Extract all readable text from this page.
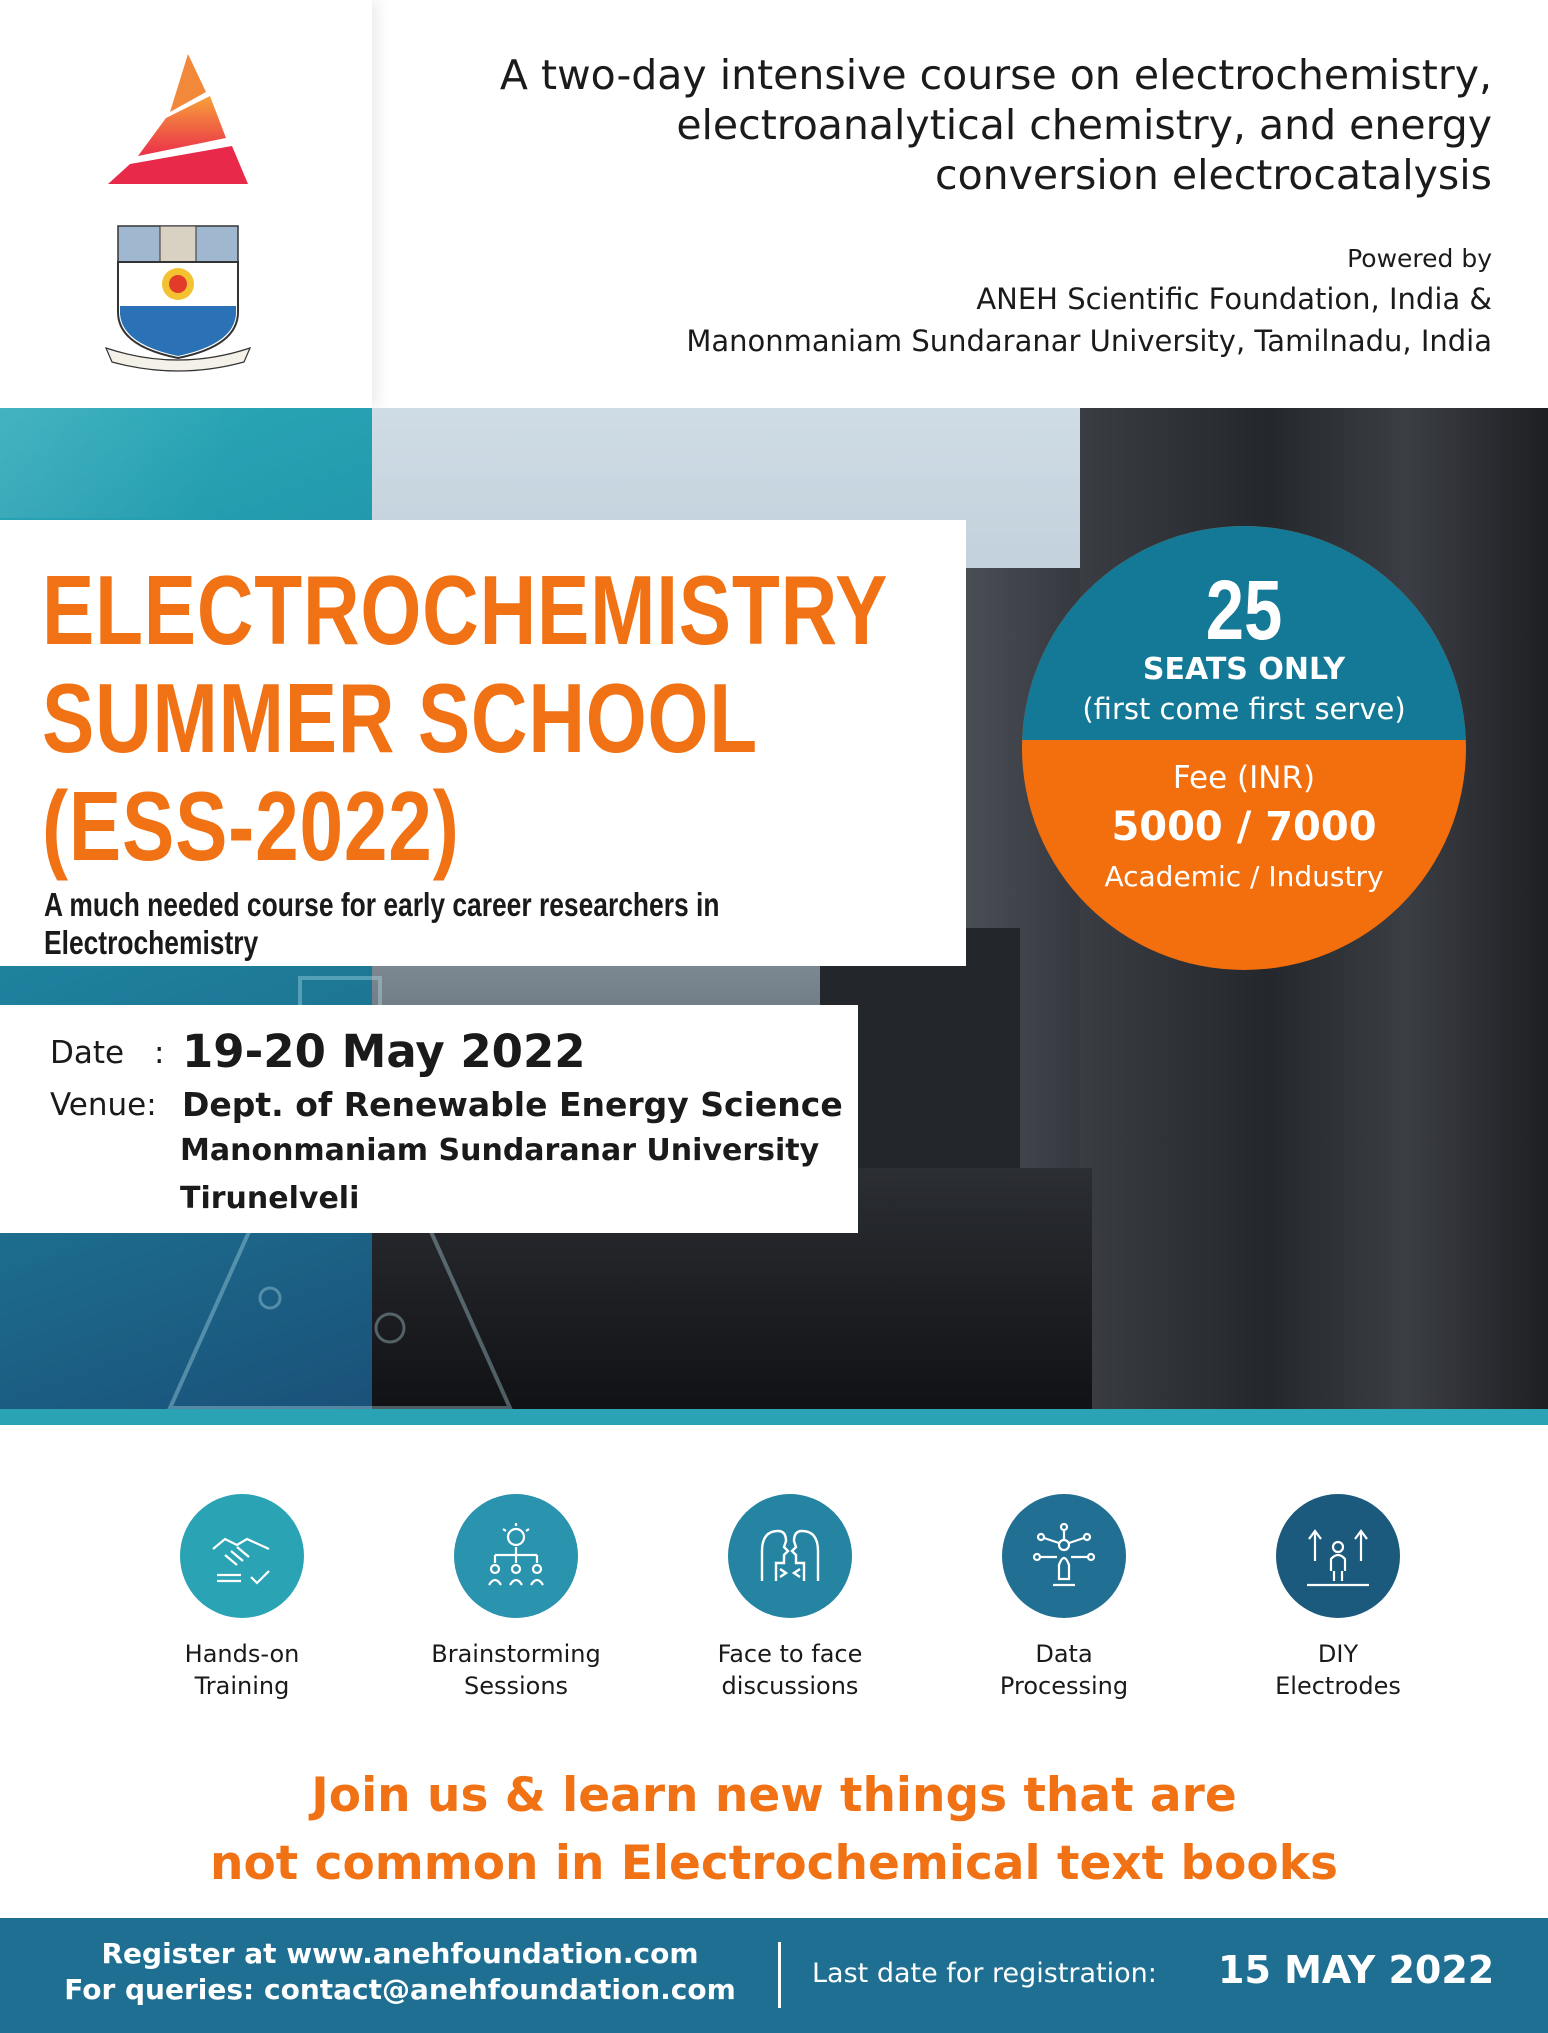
A two-day intensive course on electrochemistry,
electroanalytical chemistry, and energy
conversion electrocatalysis
Powered by
ANEH Scientific Foundation, India &
Manonmaniam Sundaranar University, Tamilnadu, India
ELECTROCHEMISTRY
SUMMER SCHOOL
(ESS-2022)
A much needed course for early career researchers in Electrochemistry
Date : 19-20 May 2022
Venue: Dept. of Renewable Energy Science
Manonmaniam Sundaranar University
Tirunelveli
25
SEATS ONLY
(first come first serve)
Fee (INR)
5000 / 7000
Academic / Industry
Hands-on
Training
Brainstorming
Sessions
Face to face
discussions
Data
Processing
DIY
Electrodes
Join us & learn new things that are
not common in Electrochemical text books
Register at www.anehfoundation.com
For queries: contact@anehfoundation.com	Last date for registration: 15 MAY 2022
